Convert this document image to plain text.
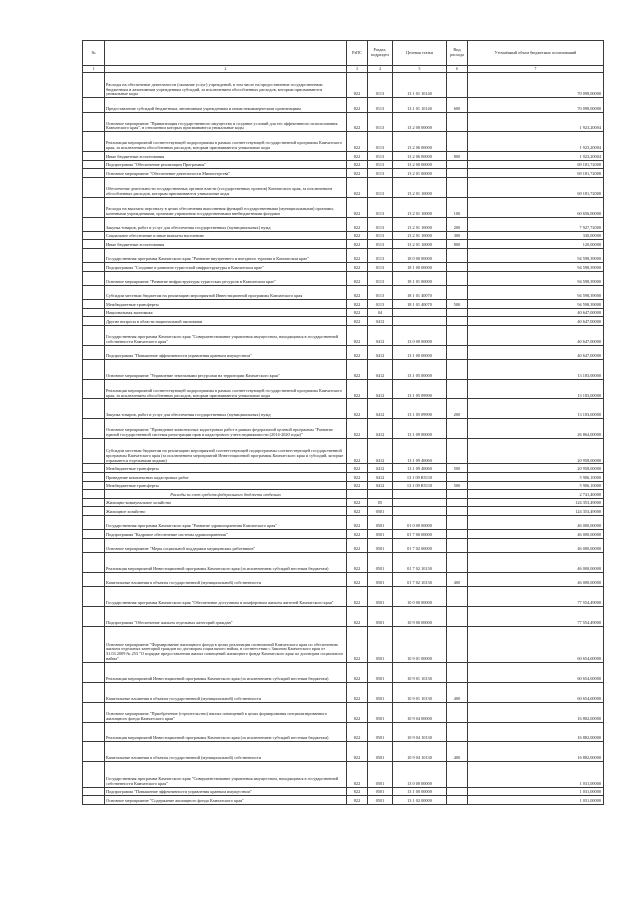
№		РзПС	Раздел, подраздел	Целевая статья	Вид расхода	Уточнённый объем бюджетных ассигнований
1	2	3	4	5	6	7
	Расходы на обеспечение деятельности (оказание услуг) учреждений, в том числе на предоставление государственным бюджетным и автономным учреждениям субсидий, за исключением обособленных расходов, которым присваиваются уникальные коды	822	0113	13 1 01 10140		70 098,00000
	Предоставление субсидий бюджетным, автономным учреждениям и иным некоммерческим организациям	822	0113	13 1 01 10140	600	70 098,00000
	Основное мероприятие "Приватизация государственного имущества и создание условий для его эффективного использования Камчатского края", в отношении которых присваиваются уникальные коды	822	0113	13 2 00 00000		1 923,20004
	Реализация мероприятий соответствующей подпрограммы в рамках соответствующей государственной программы Камчатского края, за исключением обособленных расходов, которым присваиваются уникальные коды	822	0113	13 2 06 00000		1 923,20004
	Иные бюджетные ассигнования	822	0113	13 2 06 00000	800	1 923,20004
	Подпрограмма "Обеспечение реализации Программы"	822	0113	13 2 00 00000		69 181,72000
	Основное мероприятие "Обеспечение деятельности Министерства"	822	0113	13 2 01 00000		69 181,72000
	Обеспечение деятельности государственных органов власти (государственных органов) Камчатского края, за исключением обособленных расходов, которым присваиваются уникальные коды	822	0113	13 2 01 10000		69 181,72000
	Расходы на выплаты персоналу в целях обеспечения выполнения функций государственными (муниципальными) органами, казенными учреждениями, органами управления государственными внебюджетными фондами	822	0113	13 2 01 10000	100	60 656,00000
	Закупка товаров, работ и услуг для обеспечения государственных (муниципальных) нужд	822	0113	13 2 01 10000	200	7 927,72000
	Социальное обеспечение и иные выплаты населению	822	0113	13 2 01 10000	300	330,00000
	Иные бюджетные ассигнования	822	0113	13 2 01 10000	800	120,00000
	Государственная программа Камчатского края "Развитие внутреннего и въездного туризма в Камчатском крае"	822	0113	18 0 00 00000		94 598,39000
	Подпрограмма "Создание и развитие туристской инфраструктуры в Камчатском крае"	822	0113	18 1 00 00000		94 598,39000
	Основное мероприятие "Развитие инфраструктуры туристских ресурсов в Камчатском крае"	822	0113	18 1 01 00000		94 598,39000
	Субсидии местным бюджетам на реализацию мероприятий Инвестиционной программы Камчатского края	822	0113	18 1 01 40070		94 598,39000
	Межбюджетные трансферты	822	0113	18 1 01 40070	500	94 598,39000
	Национальная экономика	822	04			40 647,00000
	Другие вопросы в области национальной экономики	822	0412			40 647,00000
	Государственная программа Камчатского края "Совершенствование управления имуществом, находящимся в государственной собственности Камчатского края"	822	0412	13 0 00 00000		40 647,00000
	Подпрограмма "Повышение эффективности управления краевым имуществом"	822	0412	13 1 00 00000		40 647,00000
	Основное мероприятие "Управление земельными ресурсами на территории Камчатского края"	822	0412	13 1 05 00000		13 183,00000
	Реализация мероприятий соответствующей подпрограммы в рамках соответствующей государственной программы Камчатского края, за исключением обособленных расходов, которым присваиваются уникальные коды	822	0412	13 1 05 09990		13 183,00000
	Закупка товаров, работ и услуг для обеспечения государственных (муниципальных) нужд	822	0412	13 1 05 09990	200	13 183,00000
	Основное мероприятие "Проведение комплексных кадастровых работ в рамках федеральной целевой программы "Развитие единой государственной системы регистрации прав и кадастрового учета недвижимости (2014-2020 годы)"	822	0412	13 1 09 00000		26 864,00000
	Субсидии местным бюджетам на реализацию мероприятий соответствующей подпрограммы соответствующей государственной программы Камчатского края (за исключением мероприятий Инвестиционной программы Камчатского края и субсидий, которые отражаются отдельными кодами)	822	0412	13 1 09 40060		20 958,00000
	Межбюджетные трансферты	822	0412	13 1 09 40060	500	20 958,00000
	Проведение комплексных кадастровых работ	822	0412	13 1 09 R5110		5 906,10000
	Межбюджетные трансферты	822	0412	13 1 09 R5110	500	5 906,10000
	Расходы за счет средств федерального бюджета отдельно					2 741,40000
	Жилищно-коммунальное хозяйство	822	05			124 353,49000
	Жилищное хозяйство	822	0501			124 353,49000
	Государственная программа Камчатского края "Развитие здравоохранения Камчатского края"	822	0501	01 0 00 00000		46 000,00000
	Подпрограмма "Кадровое обеспечение системы здравоохранения"	822	0501	01 7 00 00000		46 000,00000
	Основное мероприятие "Меры социальной поддержки медицинских работников"	822	0501	01 7 02 00000		46 000,00000
	Реализация мероприятий Инвестиционной программы Камчатского края (за исключением субсидий местным бюджетам)	822	0501	01 7 02 10130		46 000,00000
	Капитальные вложения в объекты государственной (муниципальной) собственности	822	0501	01 7 02 10130	400	46 000,00000
	Государственная программа Камчатского края "Обеспечение доступным и комфортным жильем жителей Камчатского края"	822	0501	10 0 00 00000		77 554,49000
	Подпрограмма "Обеспечение жильем отдельных категорий граждан"	822	0501	10 9 00 00000		77 554,49000
	Основное мероприятие "Формирование жилищного фонда в целях реализации полномочий Камчатского края по обеспечению жильем отдельных категорий граждан по договорам социального найма, в соответствии с Законом Камчатского края от 31.03.2009 № 253 "О порядке предоставления жилых помещений жилищного фонда Камчатского края по договорам социального найма"	822	0501	10 9 01 00000		60 654,00000
	Реализация мероприятий Инвестиционной программы Камчатского края (за исключением субсидий местным бюджетам)	822	0501	10 9 01 10130		60 654,00000
	Капитальные вложения в объекты государственной (муниципальной) собственности	822	0501	10 9 01 10130	400	60 654,00000
	Основное мероприятие "Приобретение (строительство) жилых помещений в целях формирования специализированного жилищного фонда Камчатского края"	822	0501	10 9 04 00000		16 882,00000
	Реализация мероприятий Инвестиционной программы Камчатского края (за исключением субсидий местным бюджетам)	822	0501	10 9 04 10130		16 882,00000
	Капитальные вложения в объекты государственной (муниципальной) собственности	822	0501	10 9 04 10130	400	16 882,00000
	Государственная программа Камчатского края "Совершенствование управления имуществом, находящимся в государственной собственности Камчатского края"	822	0501	13 0 00 00000		1 031,00000
	Подпрограмма "Повышение эффективности управления краевым имуществом"	822	0501	13 1 00 00000		1 031,00000
	Основное мероприятие "Содержание жилищного фонда Камчатского края"	822	0501	13 1 02 00000		1 031,00000
